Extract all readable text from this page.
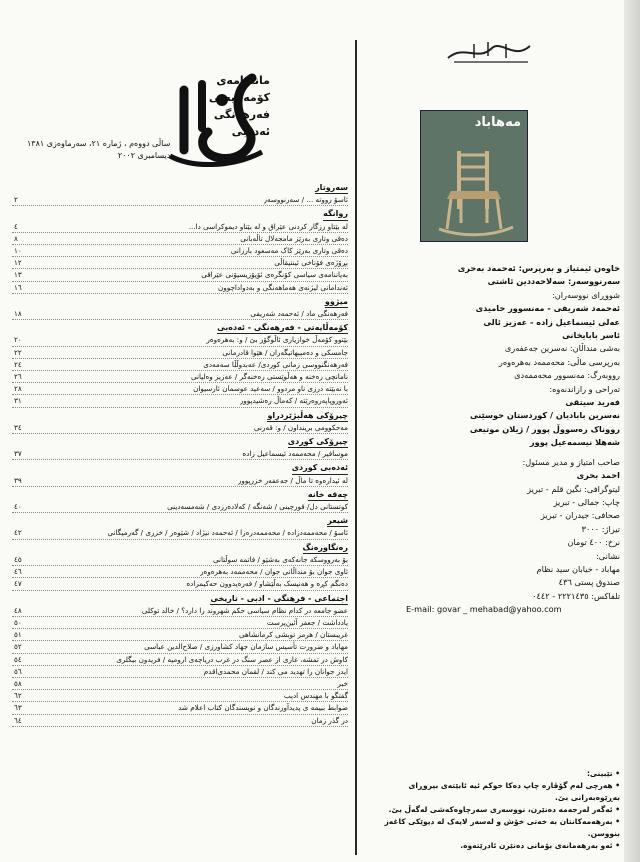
مانگنامەی
کۆمەڵایەتی
فەرهەنگی
ئەدەبی
ساڵی دووەم ، ژمارە ٢١، سەرماوەزی ١٣٨١
دیسامبری ٢٠٠٢
سەروتار
ئاسۆ رووتە ... / سەرنووسەر
٢
روانگە
لە بێتاو رزگار کردنی عێراق و لە بێتاو دیموکراسی دا...
٤
دەقی وتاری بەرێز مامجەلال تاڵەبانی
٨
دەقی وتاری بەرێز کاک مەسعود بارزانی
١٠
بڕۆژەی فۆناخی ئینتیقاڵی
١٢
بەیاننامەی سیاسی کۆنگرەی ئۆپۆزیسیۆنی عێراقی
١٣
ئەندامانی لیژنەی هەماهەنگی و بەدواداچوون
١٦
میژوو
فەرهەنگی ماد / ئەحمەد شەریفی
١٨
کۆمەڵایەتی - فەرهەنگی - ئەدەبی
بێتوو کۆمەڵ خوازیاری ئاڵوگۆر بێ / و: بەهرەوەر
٢٠
جامسکی و دەمیبھاتیگەران / هێوا قادرمانی
٢٢
فەرهەنگنووسی زمانی کوردی/ عەبدوڵڵا سەمەدی
٢٤
نامانچی رەخنە و هەڵوێستی رەخنەگر / عەزیز وەلیانی
٢٦
با نەبێتە درزی ناو مردوو / سەعید عوسمان ئارسیوان
٢٨
ئەوروپاپەروەرێتە / کەماڵ رەشیدپوور
٣١
چیرۆکی هەڵبژێردراو
مەحکوومی برینداون / و: قەرنی
٣٤
چیرۆکی کوردی
موسافیر / محەممەد ئیسماعیل زادە
٣٧
ئەدەبی کوردی
لە ئیدارەوە تا ماڵ / جەعفەر خزرپوور
٣٩
چەقە خانە
کوتستانی دل/ قورچینی / شەنگە / کەلادەرزدی / شەمسەدینی
٤٠
شیعر
ئاسۆ / محەممەدزادە / محەممەدرەزا / ئەحمەد نیژاد / شێوەر / خزری / گەرمیگانی
٤٢
رەنگاورەنگ
بۆ بەرووسکە جانەکەی بەشێو / فاتمە سوڵتانی
٤٥
ئاوی جوان بۆ منداڵانی جوان / محەممەد بەهرەوەر
٤٦
دەنگم کڕە و هەنیسک بەڵێشاو / فەرەیدوون حەکیمزادە
٤٧
اجتماعی - فرهنگی - ادبی - تاریخی
عضو جامعه در کدام نظام سیاسی حکم شهروند را دارد؟ / خالد توکلی
٤٨
یادداشت / جعفر آئین‌پرست
٥٠
غریبستان / هرمز توبشی کرمانشاهی
٥١
مهاباد و ضرورت تأسیس سازمان جهاد کشاورزی / صلاح‌الدین عباسی
٥٢
کاوش در تمشه، غاری از عصر سنگ در غرب دریاچه‌ی ارومیه / فریدون بیگلری
٥٤
ایدز جوانان را تهدید می کند / لقمان محمدی‌اقدم
٥٦
خبر
٥٨
گفتگو با مهندس ادیب
٦٢
ضوابط ببیمه ی پدیدآورندگان و نویسندگان کتاب اعلام شد
٦٣
در گذر زمان
٦٤
مەهاباد
خاوەن ئیمتیاز و بەرپرس: ئەحمەد بەحری
سەرنووسەر: سەلاحەددین ئاشتی
شووڕای نووسەران:
ئەحمەد شەریفی - مەنسوور حامیدی
عەلی ئیسماعیل زادە - عەزیز ئالی
ئاسر بابایخانی
بەشی منداڵان: نەسرین جەعفەری
بەرپرسی ماڵی: محەممەد بەهرەوەر
رووبەرگ: مەنسوور محەممەدی
تەراحی و رازاندنەوە:
فەرید سیتقی
نەسرین بابادیان / کوردستان حوسێنی
رووناک رەسووڵ پوور / ژیلان موتیعی
شەهلا نیسمەعیل پوور
صاحب امتیاز و مدیر مسئول:
احمد بحری
لیتوگرافی: نگین قلم - تبریز
چاپ: جمالی - تبریز
صحافی: جیدران - تبریز
تیراژ: ٣٠٠٠
نرخ: ٤٠٠ تومان
نشانی:
مهاباد - خیابان سید نظام
صندوق پستی ٤٣٦
تلفاکس: ٢٢٢١٤٣٥ - ٠٤٤٢
E-mail: govar _ mehabad@yahoo.com
• تێبینی:
• هەرچی لەم گۆڤارە چاپ دەکا حوکم ئیە ئابێتەی بیروڕای بەڕێوەبەرانی بێ.
• ئەگەر لەرجەمە دەنێرن، نووسەری سەرچاوەکەشی لەگەڵ بێ.
• بەرهەمەکانتان بە خەتی خۆش و لەسەر لایەک لە دیوێکی کاغەز بنووسن.
• ئەو بەرهەمانەی بۆمانی دەنێرن ئادرێتەوە.
